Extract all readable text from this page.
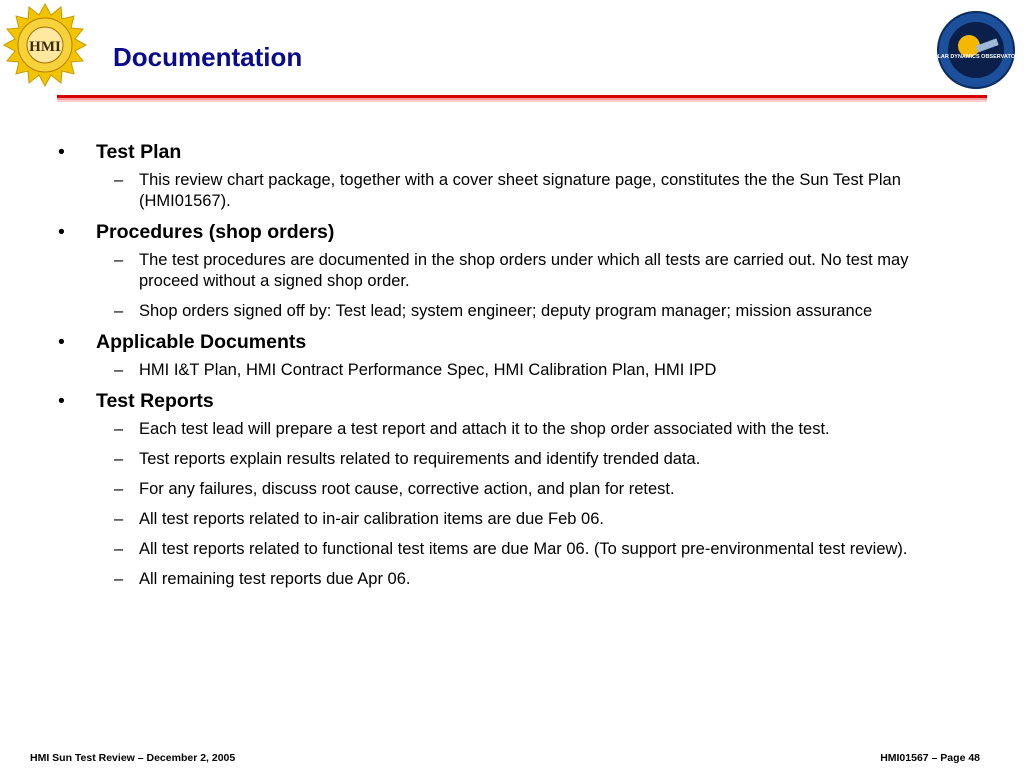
HMI Documentation	SOLAR DYNAMICS OBSERVATORY
• Test Plan
– This review chart package, together with a cover sheet signature page, constitutes the the Sun Test Plan (HMI01567).
• Procedures (shop orders)
– The test procedures are documented in the shop orders under which all tests are carried out. No test may proceed without a signed shop order.
– Shop orders signed off by: Test lead; system engineer; deputy program manager; mission assurance
• Applicable Documents
– HMI I&T Plan, HMI Contract Performance Spec, HMI Calibration Plan, HMI IPD
• Test Reports
– Each test lead will prepare a test report and attach it to the shop order associated with the test.
– Test reports explain results related to requirements and identify trended data.
– For any failures, discuss root cause, corrective action, and plan for retest.
– All test reports related to in-air calibration items are due Feb 06.
– All test reports related to functional test items are due Mar 06. (To support pre-environmental test review).
– All remaining test reports due Apr 06.
HMI Sun Test Review – December 2, 2005	HMI01567 – Page 48
